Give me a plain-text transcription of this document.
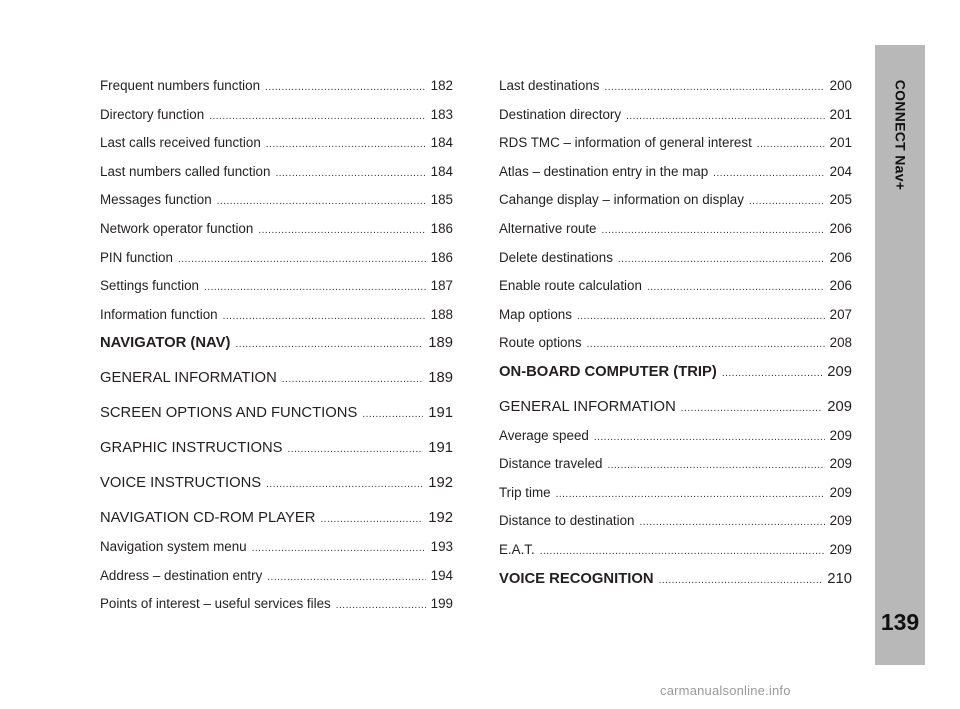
Frequent numbers function .....	182
Directory function .....	183
Last calls received function .....	184
Last numbers called function .....	184
Messages function .....	185
Network operator function .....	186
PIN function .....	186
Settings function .....	187
Information function .....	188
NAVIGATOR (NAV) .....	189
GENERAL INFORMATION .....	189
SCREEN OPTIONS AND FUNCTIONS .....	191
GRAPHIC INSTRUCTIONS .....	191
VOICE INSTRUCTIONS .....	192
NAVIGATION CD-ROM PLAYER .....	192
Navigation system menu .....	193
Address – destination entry .....	194
Points of interest – useful services files .....	199
Last destinations .....	200
Destination directory .....	201
RDS TMC – information of general interest .....	201
Atlas – destination entry in the map .....	204
Cahange display – information on display .....	205
Alternative route .....	206
Delete destinations .....	206
Enable route calculation .....	206
Map options .....	207
Route options .....	208
ON-BOARD COMPUTER (TRIP) .....	209
GENERAL INFORMATION .....	209
Average speed .....	209
Distance traveled .....	209
Trip time .....	209
Distance to destination .....	209
E.A.T. .....	209
VOICE RECOGNITION .....	210
CONNECT Nav+
139
carmanualsonline.info
